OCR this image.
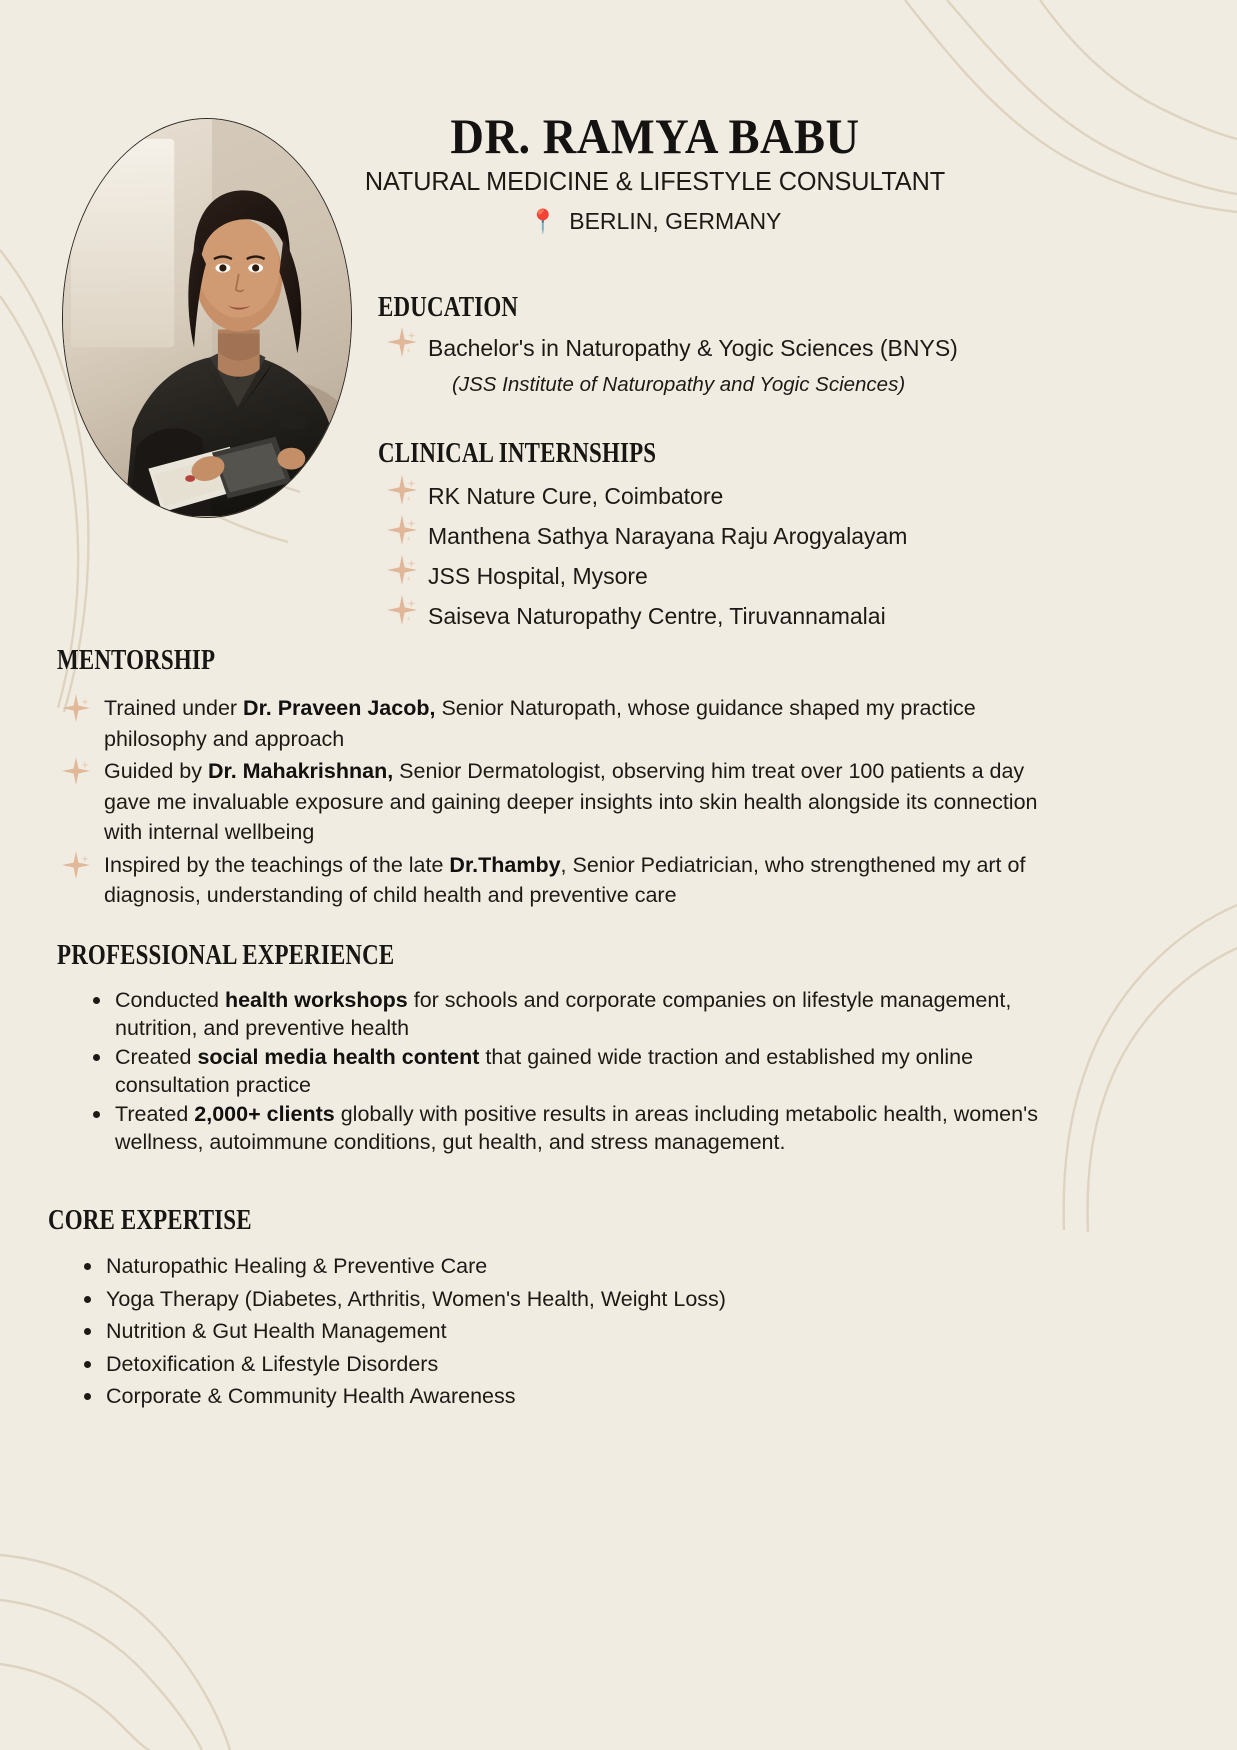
DR. RAMYA BABU
NATURAL MEDICINE & LIFESTYLE CONSULTANT
📍 BERLIN, GERMANY
EDUCATION
Bachelor's in Naturopathy & Yogic Sciences (BNYS)
(JSS Institute of Naturopathy and Yogic Sciences)
CLINICAL INTERNSHIPS
RK Nature Cure, Coimbatore
Manthena Sathya Narayana Raju Arogyalayam
JSS Hospital, Mysore
Saiseva Naturopathy Centre, Tiruvannamalai
MENTORSHIP
Trained under Dr. Praveen Jacob, Senior Naturopath, whose guidance shaped my practice philosophy and approach
Guided by Dr. Mahakrishnan, Senior Dermatologist, observing him treat over 100 patients a day gave me invaluable exposure and gaining deeper insights into skin health alongside its connection with internal wellbeing
Inspired by the teachings of the late Dr.Thamby, Senior Pediatrician, who strengthened my art of diagnosis, understanding of child health and preventive care
PROFESSIONAL EXPERIENCE
Conducted health workshops for schools and corporate companies on lifestyle management, nutrition, and preventive health
Created social media health content that gained wide traction and established my online consultation practice
Treated 2,000+ clients globally with positive results in areas including metabolic health, women's wellness, autoimmune conditions, gut health, and stress management.
CORE EXPERTISE
Naturopathic Healing & Preventive Care
Yoga Therapy (Diabetes, Arthritis, Women's Health, Weight Loss)
Nutrition & Gut Health Management
Detoxification & Lifestyle Disorders
Corporate & Community Health Awareness
